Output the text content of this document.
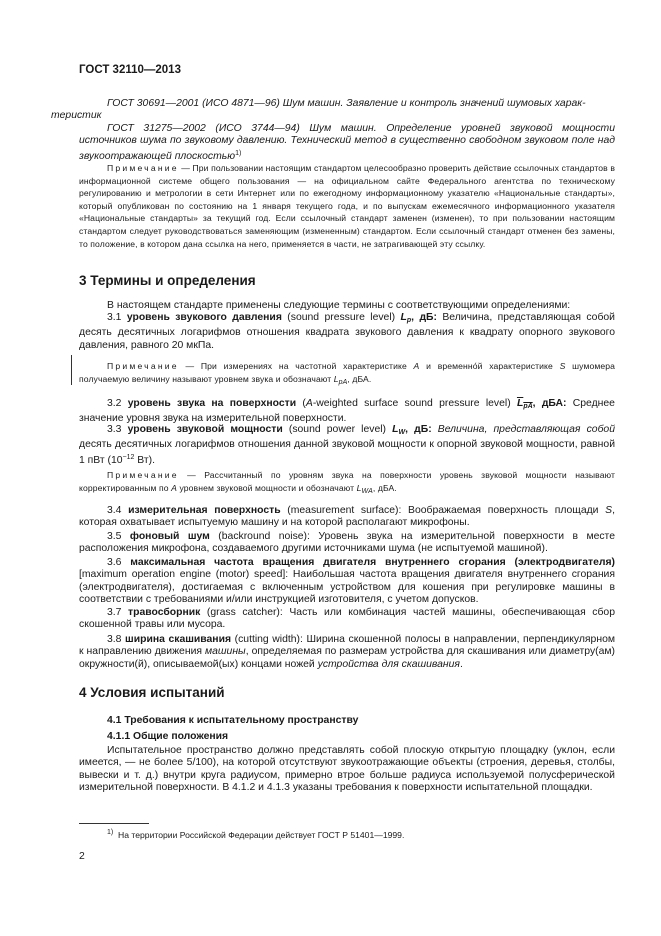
ГОСТ 32110—2013
ГОСТ 30691—2001 (ИСО 4871—96) Шум машин. Заявление и контроль значений шумовых харак-
теристик
ГОСТ 31275—2002 (ИСО 3744—94) Шум машин. Определение уровней звуковой мощности источников шума по звуковому давлению. Технический метод в существенно свободном звуковом поле над звукоотражающей плоскостью$^{1)}$
Примечание — При пользовании настоящим стандартом целесообразно проверить действие ссылочных стандартов в информационной системе общего пользования — на официальном сайте Федерального агентства по техническому регулированию и метрологии в сети Интернет или по ежегодному информационному указателю «Национальные стандарты», который опубликован по состоянию на 1 января текущего года, и по выпускам ежемесячного информационного указателя «Национальные стандарты» за текущий год. Если ссылочный стандарт заменен (изменен), то при пользовании настоящим стандартом следует руководствоваться заменяющим (измененным) стандартом. Если ссылочный стандарт отменен без замены, то положение, в котором дана ссылка на него, применяется в части, не затрагивающей эту ссылку.
3 Термины и определения
В настоящем стандарте применены следующие термины с соответствующими определениями:
3.1 уровень звукового давления (sound pressure level) $L_p$, дБ: Величина, представляющая собой десять десятичных логарифмов отношения квадрата звукового давления к квадрату опорного звукового давления, равного 20 мкПа.
Примечание — При измерениях на частотной характеристике A и временно́й характеристике S шумомера получаемую величину называют уровнем звука и обозначают $L_{pA}$, дБА.
3.2 уровень звука на поверхности (A-weighted surface sound pressure level) $L_{pA}$, дБА: Среднее значение уровня звука на измерительной поверхности.
3.3 уровень звуковой мощности (sound power level) $L_W$, дБ: Величина, представляющая собой десять десятичных логарифмов отношения данной звуковой мощности к опорной звуковой мощности, равной 1 пВт ($10^{-12}$ Вт).
Примечание — Рассчитанный по уровням звука на поверхности уровень звуковой мощности называют корректированным по A уровнем звуковой мощности и обозначают $L_{WA}$, дБА.
3.4 измерительная поверхность (measurement surface): Воображаемая поверхность площади S, которая охватывает испытуемую машину и на которой располагают микрофоны.
3.5 фоновый шум (backround noise): Уровень звука на измерительной поверхности в месте расположения микрофона, создаваемого другими источниками шума (не испытуемой машиной).
3.6 максимальная частота вращения двигателя внутреннего сгорания (электродвигателя) [maximum operation engine (motor) speed]: Наибольшая частота вращения двигателя внутреннего сгорания (электродвигателя), достигаемая с включенным устройством для кошения при регулировке машины в соответствии с требованиями и/или инструкцией изготовителя, с учетом допусков.
3.7 травосборник (grass catcher): Часть или комбинация частей машины, обеспечивающая сбор скошенной травы или мусора.
3.8 ширина скашивания (cutting width): Ширина скошенной полосы в направлении, перпендикулярном к направлению движения машины, определяемая по размерам устройства для скашивания или диаметру(ам) окружности(й), описываемой(ых) концами ножей устройства для скашивания.
4 Условия испытаний
4.1 Требования к испытательному пространству
4.1.1 Общие положения
Испытательное пространство должно представлять собой плоскую открытую площадку (уклон, если имеется, — не более 5/100), на которой отсутствуют звукоотражающие объекты (строения, деревья, столбы, вывески и т. д.) внутри круга радиусом, примерно втрое больше радиуса используемой полусферической измерительной поверхности. В 4.1.2 и 4.1.3 указаны требования к поверхности испытательной площадки.
$^{1)}$ На территории Российской Федерации действует ГОСТ Р 51401—1999.
2
